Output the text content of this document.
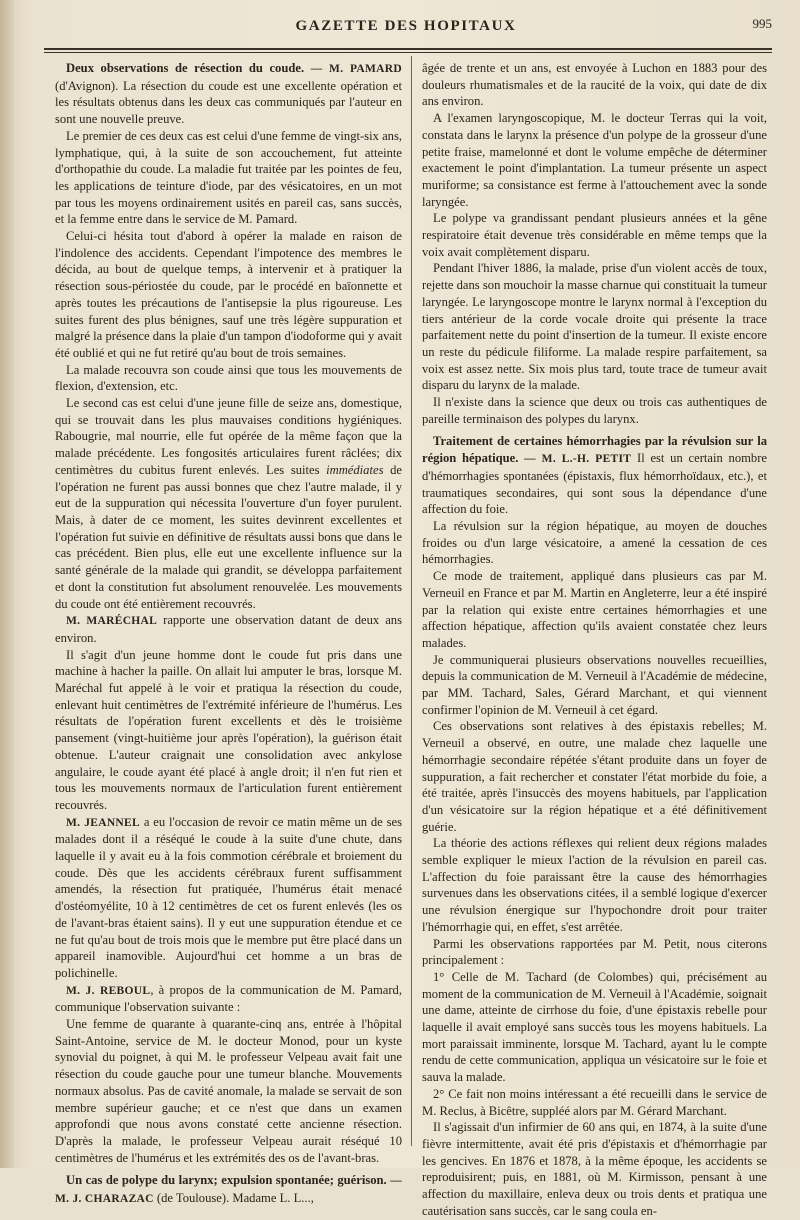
GAZETTE DES HOPITAUX	995

Deux observations de résection du coude. — M. PAMARD (d'Avignon). La résection du coude est une excellente opération et les résultats obtenus dans les deux cas communiqués par l'auteur en sont une nouvelle preuve.

Le premier de ces deux cas est celui d'une femme de vingt-six ans, lymphatique, qui, à la suite de son accouchement, fut atteinte d'orthopathie du coude. La maladie fut traitée par les pointes de feu, les applications de teinture d'iode, par des vésicatoires, en un mot par tous les moyens ordinairement usités en pareil cas, sans succès, et la femme entre dans le service de M. Pamard.

Celui-ci hésita tout d'abord à opérer la malade en raison de l'indolence des accidents. Cependant l'impotence des membres le décida, au bout de quelque temps, à intervenir et à pratiquer la résection sous-périostée du coude, par le procédé en baïonnette et après toutes les précautions de l'antisepsie la plus rigoureuse. Les suites furent des plus bénignes, sauf une très légère suppuration et malgré la présence dans la plaie d'un tampon d'iodoforme qui y avait été oublié et qui ne fut retiré qu'au bout de trois semaines.

La malade recouvra son coude ainsi que tous les mouvements de flexion, d'extension, etc.

Le second cas est celui d'une jeune fille de seize ans, domestique, qui se trouvait dans les plus mauvaises conditions hygiéniques. Rabougrie, mal nourrie, elle fut opérée de la même façon que la malade précédente. Les fongosités articulaires furent râclées; dix centimètres du cubitus furent enlevés. Les suites immédiates de l'opération ne furent pas aussi bonnes que chez l'autre malade, il y eut de la suppuration qui nécessita l'ouverture d'un foyer purulent. Mais, à dater de ce moment, les suites devinrent excellentes et l'opération fut suivie en définitive de résultats aussi bons que dans le cas précédent. Bien plus, elle eut une excellente influence sur la santé générale de la malade qui grandit, se développa parfaitement et dont la constitution fut absolument renouvelée. Les mouvements du coude ont été entièrement recouvrés.

M. MARÉCHAL rapporte une observation datant de deux ans environ.

Il s'agit d'un jeune homme dont le coude fut pris dans une machine à hacher la paille. On allait lui amputer le bras, lorsque M. Maréchal fut appelé à le voir et pratiqua la résection du coude, enlevant huit centimètres de l'extrémité inférieure de l'humérus. Les résultats de l'opération furent excellents et dès le troisième pansement (vingt-huitième jour après l'opération), la guérison était obtenue. L'auteur craignait une consolidation avec ankylose angulaire, le coude ayant été placé à angle droit; il n'en fut rien et tous les mouvements normaux de l'articulation furent entièrement recouvrés.

M. JEANNEL a eu l'occasion de revoir ce matin même un de ses malades dont il a réséqué le coude à la suite d'une chute, dans laquelle il y avait eu à la fois commotion cérébrale et broiement du coude. Dès que les accidents cérébraux furent suffisamment amendés, la résection fut pratiquée, l'humérus était menacé d'ostéomyélite, 10 à 12 centimètres de cet os furent enlevés (les os de l'avant-bras étaient sains). Il y eut une suppuration étendue et ce ne fut qu'au bout de trois mois que le membre put être placé dans un appareil inamovible. Aujourd'hui cet homme a un bras de polichinelle.

M. J. REBOUL, à propos de la communication de M. Pamard, communique l'observation suivante :

Une femme de quarante à quarante-cinq ans, entrée à l'hôpital Saint-Antoine, service de M. le docteur Monod, pour un kyste synovial du poignet, à qui M. le professeur Velpeau avait fait une résection du coude gauche pour une tumeur blanche. Mouvements normaux absolus. Pas de cavité anomale, la malade se servait de son membre supérieur gauche; et ce n'est que dans un examen approfondi que nous avons constaté cette ancienne résection. D'après la malade, le professeur Velpeau aurait réséqué 10 centimètres de l'humérus et les extrémités des os de l'avant-bras.

Un cas de polype du larynx; expulsion spontanée; guérison. — M. J. CHARAZAC (de Toulouse). Madame L. L...,

âgée de trente et un ans, est envoyée à Luchon en 1883 pour des douleurs rhumatismales et de la raucité de la voix, qui date de dix ans environ.

A l'examen laryngoscopique, M. le docteur Terras qui la voit, constata dans le larynx la présence d'un polype de la grosseur d'une petite fraise, mamelonné et dont le volume empêche de déterminer exactement le point d'implantation. La tumeur présente un aspect muriforme; sa consistance est ferme à l'attouchement avec la sonde laryngée.

Le polype va grandissant pendant plusieurs années et la gêne respiratoire était devenue très considérable en même temps que la voix avait complètement disparu.

Pendant l'hiver 1886, la malade, prise d'un violent accès de toux, rejette dans son mouchoir la masse charnue qui constituait la tumeur laryngée. Le laryngoscope montre le larynx normal à l'exception du tiers antérieur de la corde vocale droite qui présente la trace parfaitement nette du point d'insertion de la tumeur. Il existe encore un reste du pédicule filiforme. La malade respire parfaitement, sa voix est assez nette. Six mois plus tard, toute trace de tumeur avait disparu du larynx de la malade.

Il n'existe dans la science que deux ou trois cas authentiques de pareille terminaison des polypes du larynx.

Traitement de certaines hémorrhagies par la révulsion sur la région hépatique. — M. L.-H. PETIT Il est un certain nombre d'hémorrhagies spontanées (épistaxis, flux hémorrhoïdaux, etc.), et traumatiques secondaires, qui sont sous la dépendance d'une affection du foie.

La révulsion sur la région hépatique, au moyen de douches froides ou d'un large vésicatoire, a amené la cessation de ces hémorrhagies.

Ce mode de traitement, appliqué dans plusieurs cas par M. Verneuil en France et par M. Martin en Angleterre, leur a été inspiré par la relation qui existe entre certaines hémorrhagies et une affection hépatique, affection qu'ils avaient constatée chez leurs malades.

Je communiquerai plusieurs observations nouvelles recueillies, depuis la communication de M. Verneuil à l'Académie de médecine, par MM. Tachard, Sales, Gérard Marchant, et qui viennent confirmer l'opinion de M. Verneuil à cet égard.

Ces observations sont relatives à des épistaxis rebelles; M. Verneuil a observé, en outre, une malade chez laquelle une hémorrhagie secondaire répétée s'étant produite dans un foyer de suppuration, a fait rechercher et constater l'état morbide du foie, a été traitée, après l'insuccès des moyens habituels, par l'application d'un vésicatoire sur la région hépatique et a été définitivement guérie.

La théorie des actions réflexes qui relient deux régions malades semble expliquer le mieux l'action de la révulsion en pareil cas. L'affection du foie paraissant être la cause des hémorrhagies survenues dans les observations citées, il a semblé logique d'exercer une révulsion énergique sur l'hypochondre droit pour traiter l'hémorrhagie qui, en effet, s'est arrêtée.

Parmi les observations rapportées par M. Petit, nous citerons principalement :

1° Celle de M. Tachard (de Colombes) qui, précisément au moment de la communication de M. Verneuil à l'Académie, soignait une dame, atteinte de cirrhose du foie, d'une épistaxis rebelle pour laquelle il avait employé sans succès tous les moyens habituels. La mort paraissait imminente, lorsque M. Tachard, ayant lu le compte rendu de cette communication, appliqua un vésicatoire sur le foie et sauva la malade.

2° Ce fait non moins intéressant a été recueilli dans le service de M. Reclus, à Bicêtre, suppléé alors par M. Gérard Marchant.

Il s'agissait d'un infirmier de 60 ans qui, en 1874, à la suite d'une fièvre intermittente, avait été pris d'épistaxis et d'hémorrhagie par les gencives. En 1876 et 1878, à la même époque, les accidents se reproduisirent; puis, en 1881, où M. Kirmisson, pensant à une affection du maxillaire, enleva deux ou trois dents et pratiqua une cautérisation sans succès, car le sang coula en-
